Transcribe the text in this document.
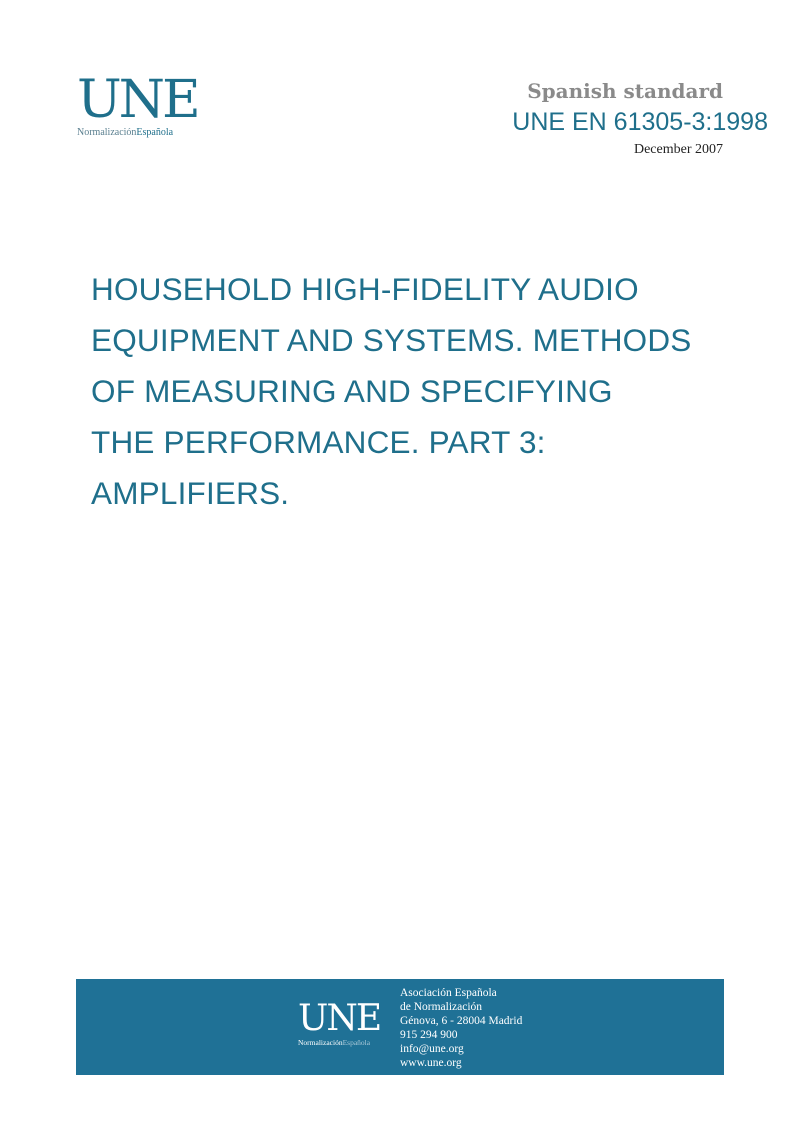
UNE
NormalizaciónEspañola
Spanish standard
UNE EN 61305-3:1998
December 2007
HOUSEHOLD HIGH-FIDELITY AUDIO
EQUIPMENT AND SYSTEMS. METHODS
OF MEASURING AND SPECIFYING
THE PERFORMANCE. PART 3:
AMPLIFIERS.
UNE
NormalizaciónEspañola
Asociación Española
de Normalización
Génova, 6 - 28004 Madrid
915 294 900
info@une.org
www.une.org
